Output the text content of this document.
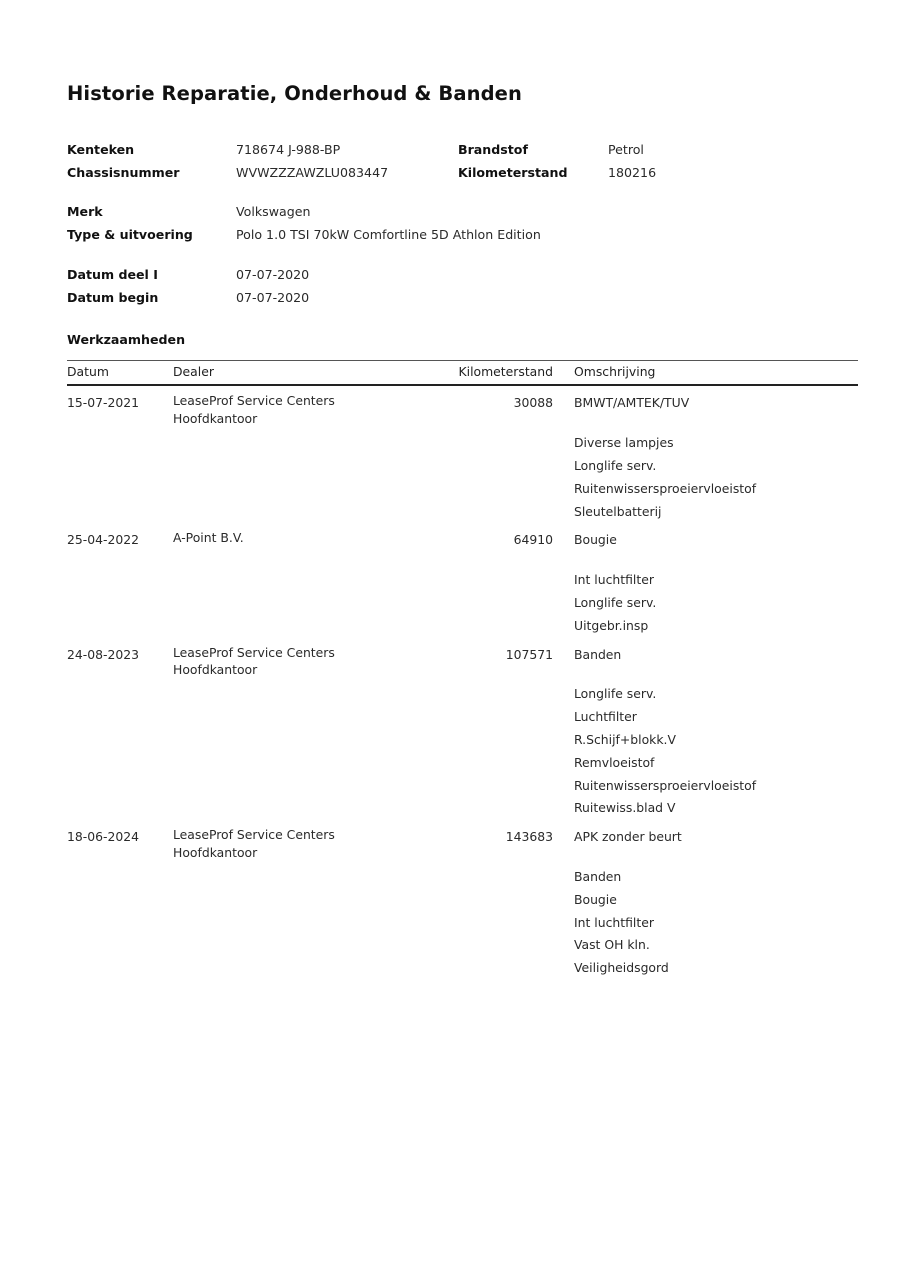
Historie Reparatie, Onderhoud & Banden
Kenteken	718674 J-988-BP
Chassisnummer	WVWZZZAWZLU083447
Brandstof	Petrol
Kilometerstand	180216
Merk	Volkswagen
Type & uitvoering	Polo 1.0 TSI 70kW Comfortline 5D Athlon Edition
Datum deel I	07-07-2020
Datum begin	07-07-2020
Werkzaamheden
Datum	Dealer	Kilometerstand	Omschrijving
15-07-2021	LeaseProf Service Centers
Hoofdkantoor	30088	BMWT/AMTEK/TUV
Diverse lampjes
Longlife serv.
Ruitenwissersproeiervloeistof
Sleutelbatterij

25-04-2022	A-Point B.V.	64910	Bougie
Int luchtfilter
Longlife serv.
Uitgebr.insp

24-08-2023	LeaseProf Service Centers
Hoofdkantoor
	107571	Banden
Longlife serv.
Luchtfilter
R.Schijf+blokk.V
Remvloeistof
Ruitenwissersproeiervloeistof
Ruitewiss.blad V

18-06-2024	LeaseProf Service Centers
Hoofdkantoor
	143683	APK zonder beurt
Banden
Bougie
Int luchtfilter
Vast OH kln.
Veiligheidsgord
